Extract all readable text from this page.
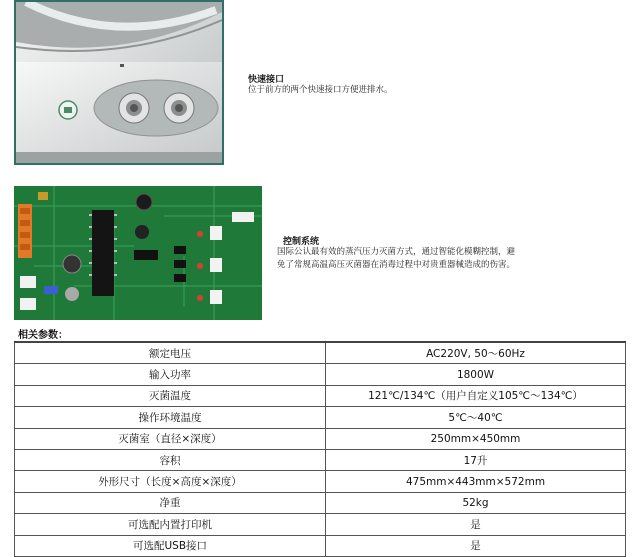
快速接口
位于前方的两个快速接口方便进排水。
控制系统
国际公认最有效的蒸汽压力灭菌方式，通过智能化模糊控制，避
免了常规高温高压灭菌器在消毒过程中对贵重器械造成的伤害。
相关参数：
额定电压	AC220V, 50～60Hz
输入功率	1800W
灭菌温度	121℃/134℃（用户自定义105℃～134℃）
操作环境温度	5℃～40℃
灭菌室（直径×深度）	250mm×450mm
容积	17升
外形尺寸（长度×高度×深度）	475mm×443mm×572mm
净重	52kg
可选配内置打印机	是
可选配USB接口	是
